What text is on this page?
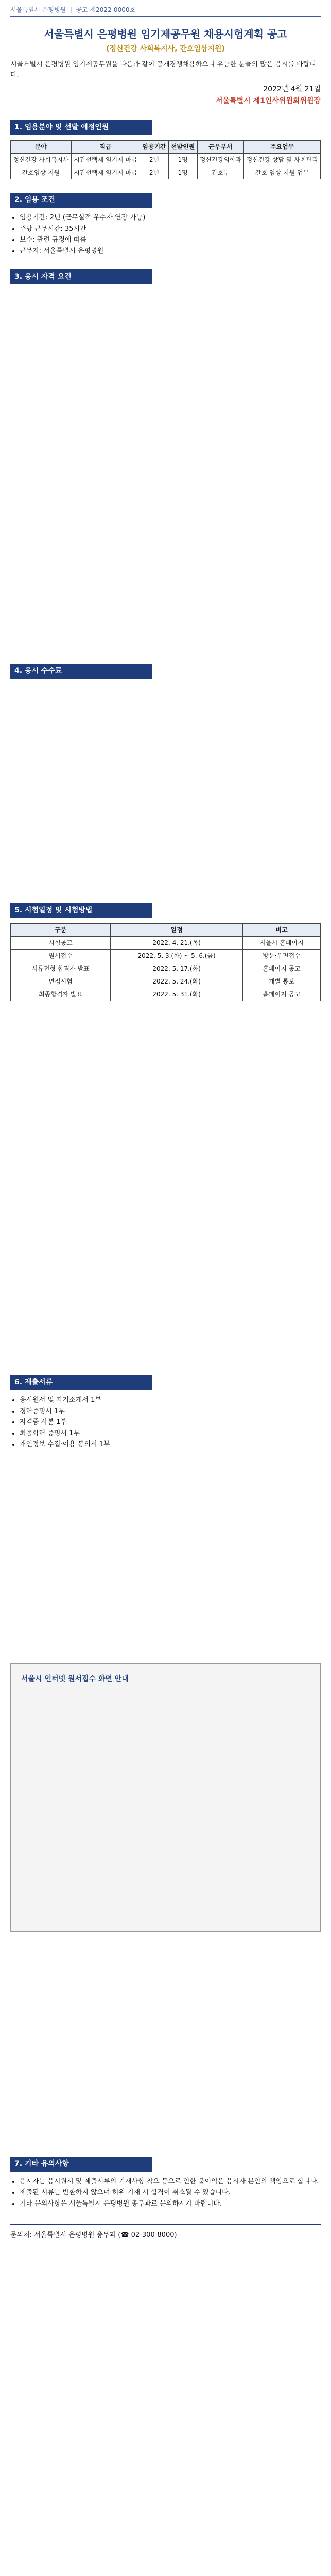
서울특별시 은평병원  |  공고 제2022-0000호
서울특별시 은평병원 임기제공무원 채용시험계획 공고
(정신건강 사회복지사, 간호임상지원)
서울특별시 은평병원 임기제공무원을 다음과 같이 공개경쟁채용하오니 유능한 분들의 많은 응시를 바랍니다.
2022년 4월 21일
서울특별시 제1인사위원회위원장
1. 임용분야 및 선발 예정인원
분야	직급	임용기간	선발인원	근무부서	주요업무
정신건강 사회복지사	시간선택제 임기제 마급	2년	1명	정신건강의학과	정신건강 상담 및 사례관리
간호임상 지원	시간선택제 임기제 마급	2년	1명	간호부	간호 임상 지원 업무
2. 임용 조건
• 임용기간: 2년 (근무실적 우수자 연장 가능)
• 주당 근무시간: 35시간
• 보수: 관련 규정에 따름
• 근무지: 서울특별시 은평병원
3. 응시 자격 요건
4. 응시 수수료
5. 시험일정 및 시험방법
구분	일정	비고
시험공고	2022. 4. 21.(목)	서울시 홈페이지
원서접수	2022. 5. 3.(화) ~ 5. 6.(금)	방문·우편접수
서류전형 합격자 발표	2022. 5. 17.(화)	홈페이지 공고
면접시험	2022. 5. 24.(화)	개별 통보
최종합격자 발표	2022. 5. 31.(화)	홈페이지 공고
6. 제출서류
• 응시원서 및 자기소개서 1부
• 경력증명서 1부
• 자격증 사본 1부
• 최종학력 증명서 1부
• 개인정보 수집·이용 동의서 1부
서울시 인터넷 원서접수 화면 안내
7. 기타 유의사항
• 응시자는 응시원서 및 제출서류의 기재사항 착오 등으로 인한 불이익은 응시자 본인의 책임으로 합니다.
• 제출된 서류는 반환하지 않으며 허위 기재 시 합격이 취소될 수 있습니다.
• 기타 문의사항은 서울특별시 은평병원 총무과로 문의하시기 바랍니다.
문의처: 서울특별시 은평병원 총무과 (☎ 02-300-8000)
